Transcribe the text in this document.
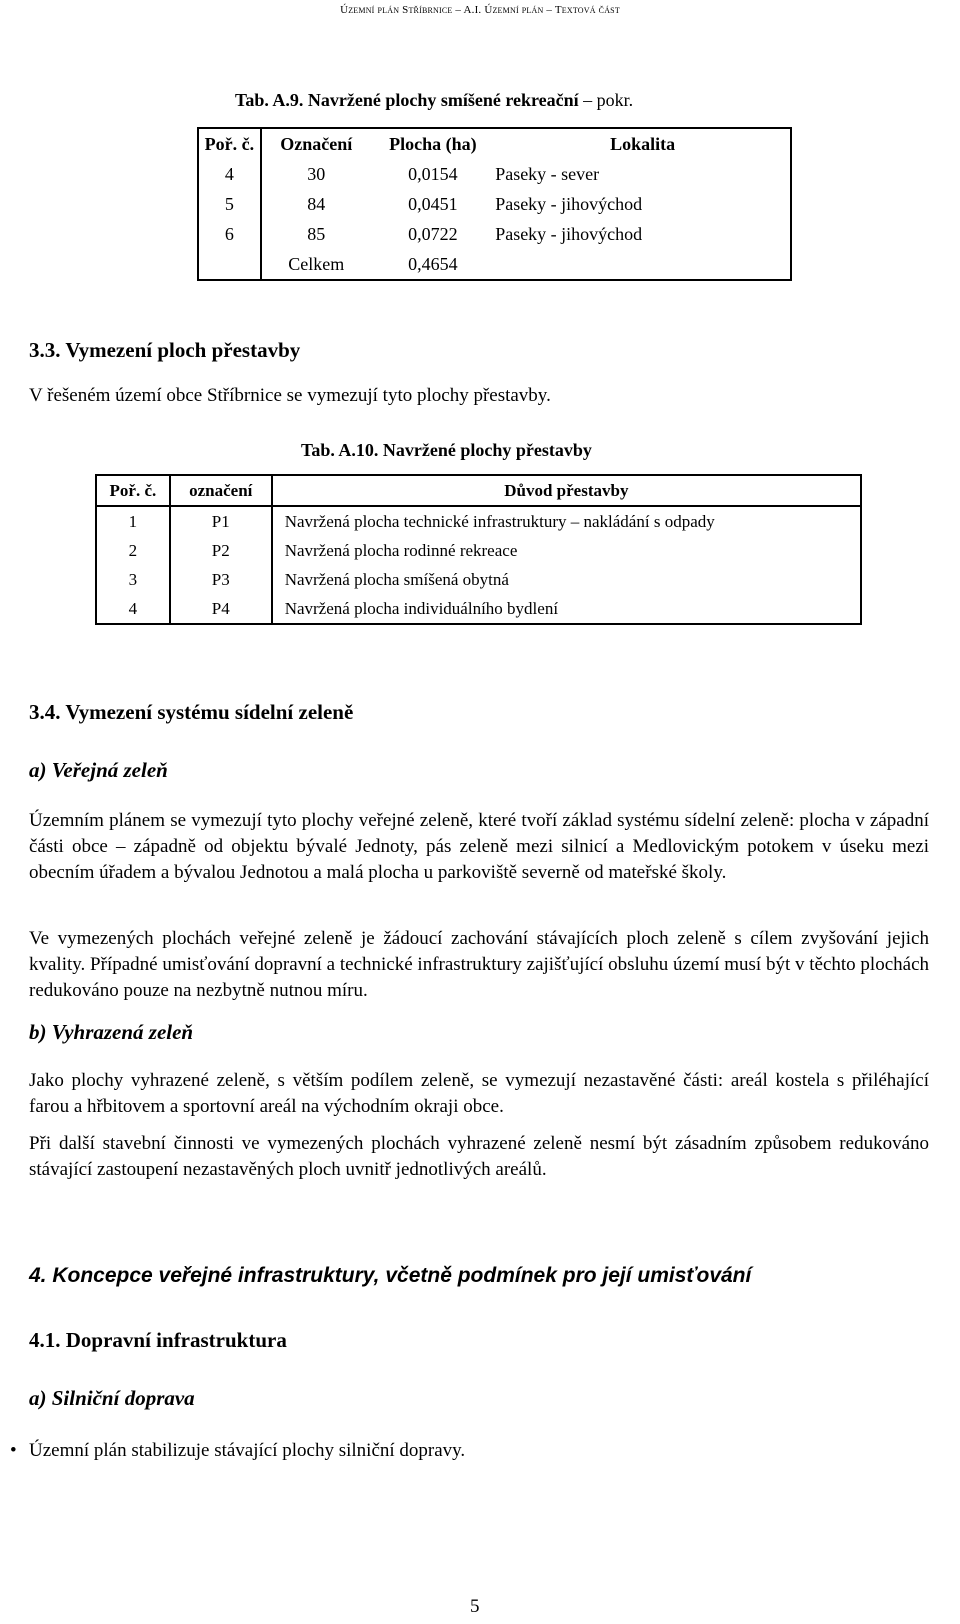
Územní plán Stříbrnice – A.I. Územní plán – Textová část
Tab. A.9. Navržené plochy smíšené rekreační – pokr.
Poř. č.	Označení	Plocha (ha)	Lokalita
4	30	0,0154	Paseky - sever
5	84	0,0451	Paseky - jihovýchod
6	85	0,0722	Paseky - jihovýchod
	Celkem	0,4654	
3.3. Vymezení ploch přestavby
V řešeném území obce Stříbrnice se vymezují tyto plochy přestavby.
Tab. A.10. Navržené plochy přestavby
Poř. č.	označení	Důvod přestavby
1	P1	Navržená plocha technické infrastruktury – nakládání s odpady
2	P2	Navržená plocha rodinné rekreace
3	P3	Navržená plocha smíšená obytná
4	P4	Navržená plocha individuálního bydlení
3.4. Vymezení systému sídelní zeleně
a) Veřejná zeleň
Územním plánem se vymezují tyto plochy veřejné zeleně, které tvoří základ systému sídelní zeleně: plocha v západní části obce – západně od objektu bývalé Jednoty, pás zeleně mezi silnicí a Medlovickým potokem v úseku mezi obecním úřadem a bývalou Jednotou a malá plocha u parkoviště severně od mateřské školy.
Ve vymezených plochách veřejné zeleně je žádoucí zachování stávajících ploch zeleně s cílem zvyšování jejich kvality. Případné umisťování dopravní a technické infrastruktury zajišťující obsluhu území musí být v těchto plochách redukováno pouze na nezbytně nutnou míru.
b) Vyhrazená zeleň
Jako plochy vyhrazené zeleně, s větším podílem zeleně, se vymezují nezastavěné části: areál kostela s přiléhající farou a hřbitovem a sportovní areál na východním okraji obce.
Při další stavební činnosti ve vymezených plochách vyhrazené zeleně nesmí být zásadním způsobem redukováno stávající zastoupení nezastavěných ploch uvnitř jednotlivých areálů.
4. Koncepce veřejné infrastruktury, včetně podmínek pro její umisťování
4.1. Dopravní infrastruktura
a) Silniční doprava
• Územní plán stabilizuje stávající plochy silniční dopravy.
5
